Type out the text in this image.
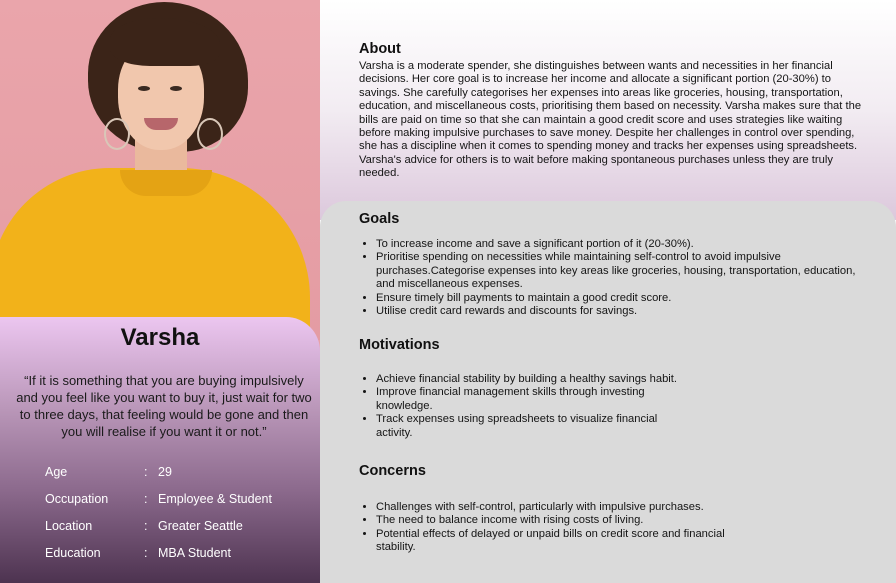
Varsha
“If it is something that you are buying impulsively and you feel like you want to buy it, just wait for two to three days, that feeling would be gone and then you will realise if you want it or not.”
Age	: 29
Occupation	: Employee & Student
Location	: Greater Seattle
Education	: MBA Student
About
Varsha is a moderate spender, she distinguishes between wants and necessities in her financial decisions. Her core goal is to increase her income and allocate a significant portion (20-30%) to savings. She carefully categorises her expenses into areas like groceries, housing, transportation, education, and miscellaneous costs, prioritising them based on necessity. Varsha makes sure that the bills are paid on time so that she can maintain a good credit score and uses strategies like waiting before making impulsive purchases to save money. Despite her challenges in control over spending, she has a discipline when it comes to spending money and tracks her expenses using spreadsheets. Varsha's advice for others is to wait before making spontaneous purchases unless they are truly needed.
Goals
• To increase income and save a significant portion of it (20-30%).
• Prioritise spending on necessities while maintaining self-control to avoid impulsive purchases.Categorise expenses into key areas like groceries, housing, transportation, education, and miscellaneous expenses.
• Ensure timely bill payments to maintain a good credit score.
• Utilise credit card rewards and discounts for savings.
Motivations
• Achieve financial stability by building a healthy savings habit.
• Improve financial management skills through investing knowledge.
• Track expenses using spreadsheets to visualize financial activity.
Concerns
• Challenges with self-control, particularly with impulsive purchases.
• The need to balance income with rising costs of living.
• Potential effects of delayed or unpaid bills on credit score and financial stability.
